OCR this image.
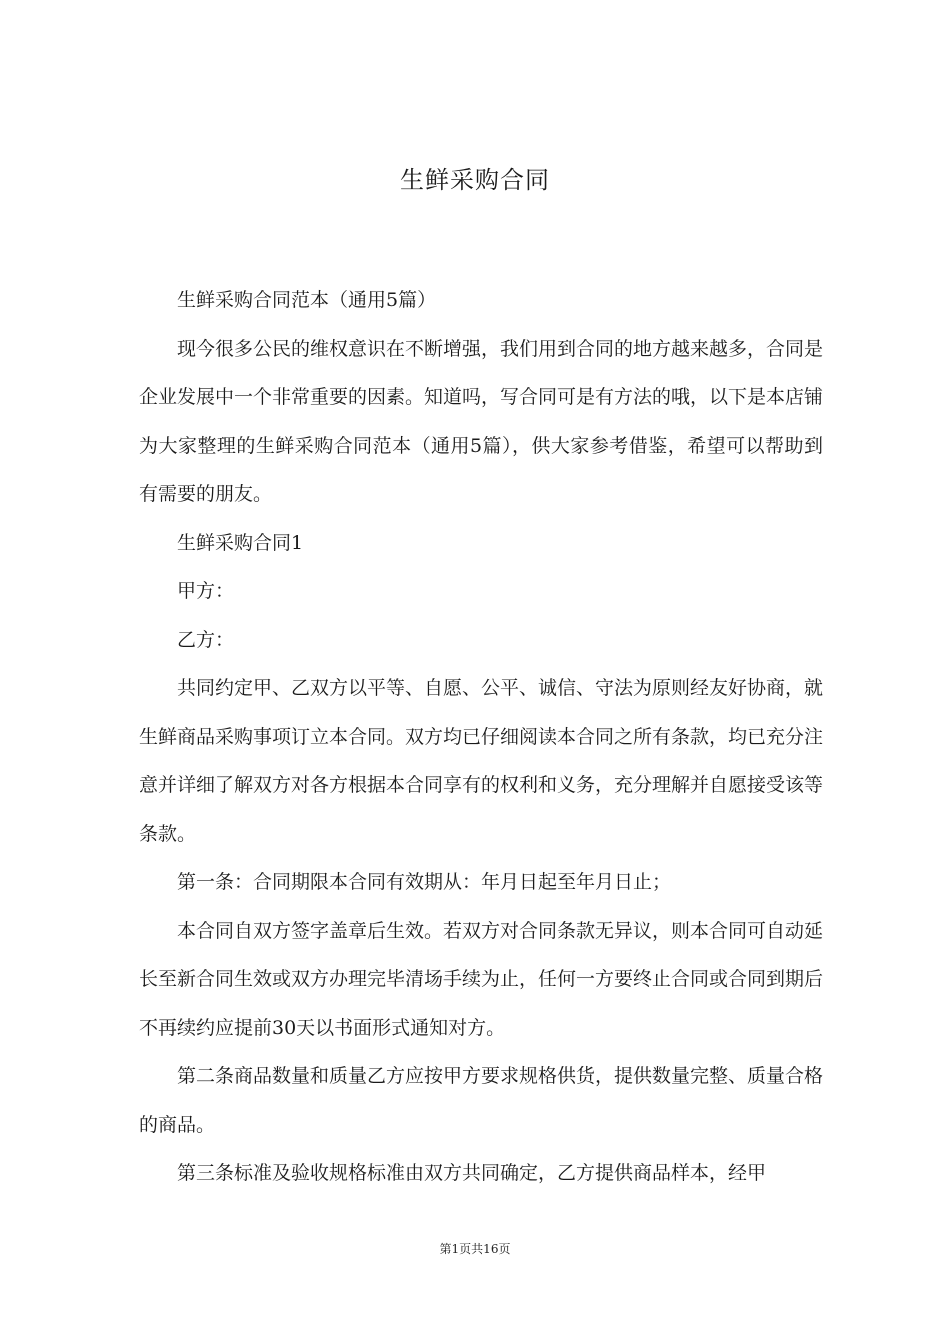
生鲜采购合同

生鲜采购合同范本（通用5篇）

现今很多公民的维权意识在不断增强，我们用到合同的地方越来越多，合同是企业发展中一个非常重要的因素。知道吗，写合同可是有方法的哦，以下是本店铺为大家整理的生鲜采购合同范本（通用5篇），供大家参考借鉴，希望可以帮助到有需要的朋友。

生鲜采购合同1

甲方：

乙方：

共同约定甲、乙双方以平等、自愿、公平、诚信、守法为原则经友好协商，就生鲜商品采购事项订立本合同。双方均已仔细阅读本合同之所有条款，均已充分注意并详细了解双方对各方根据本合同享有的权利和义务，充分理解并自愿接受该等条款。

第一条：合同期限本合同有效期从：年月日起至年月日止；

本合同自双方签字盖章后生效。若双方对合同条款无异议，则本合同可自动延长至新合同生效或双方办理完毕清场手续为止，任何一方要终止合同或合同到期后不再续约应提前30天以书面形式通知对方。

第二条商品数量和质量乙方应按甲方要求规格供货，提供数量完整、质量合格的商品。

第三条标准及验收规格标准由双方共同确定，乙方提供商品样本，经甲

第1页共16页
